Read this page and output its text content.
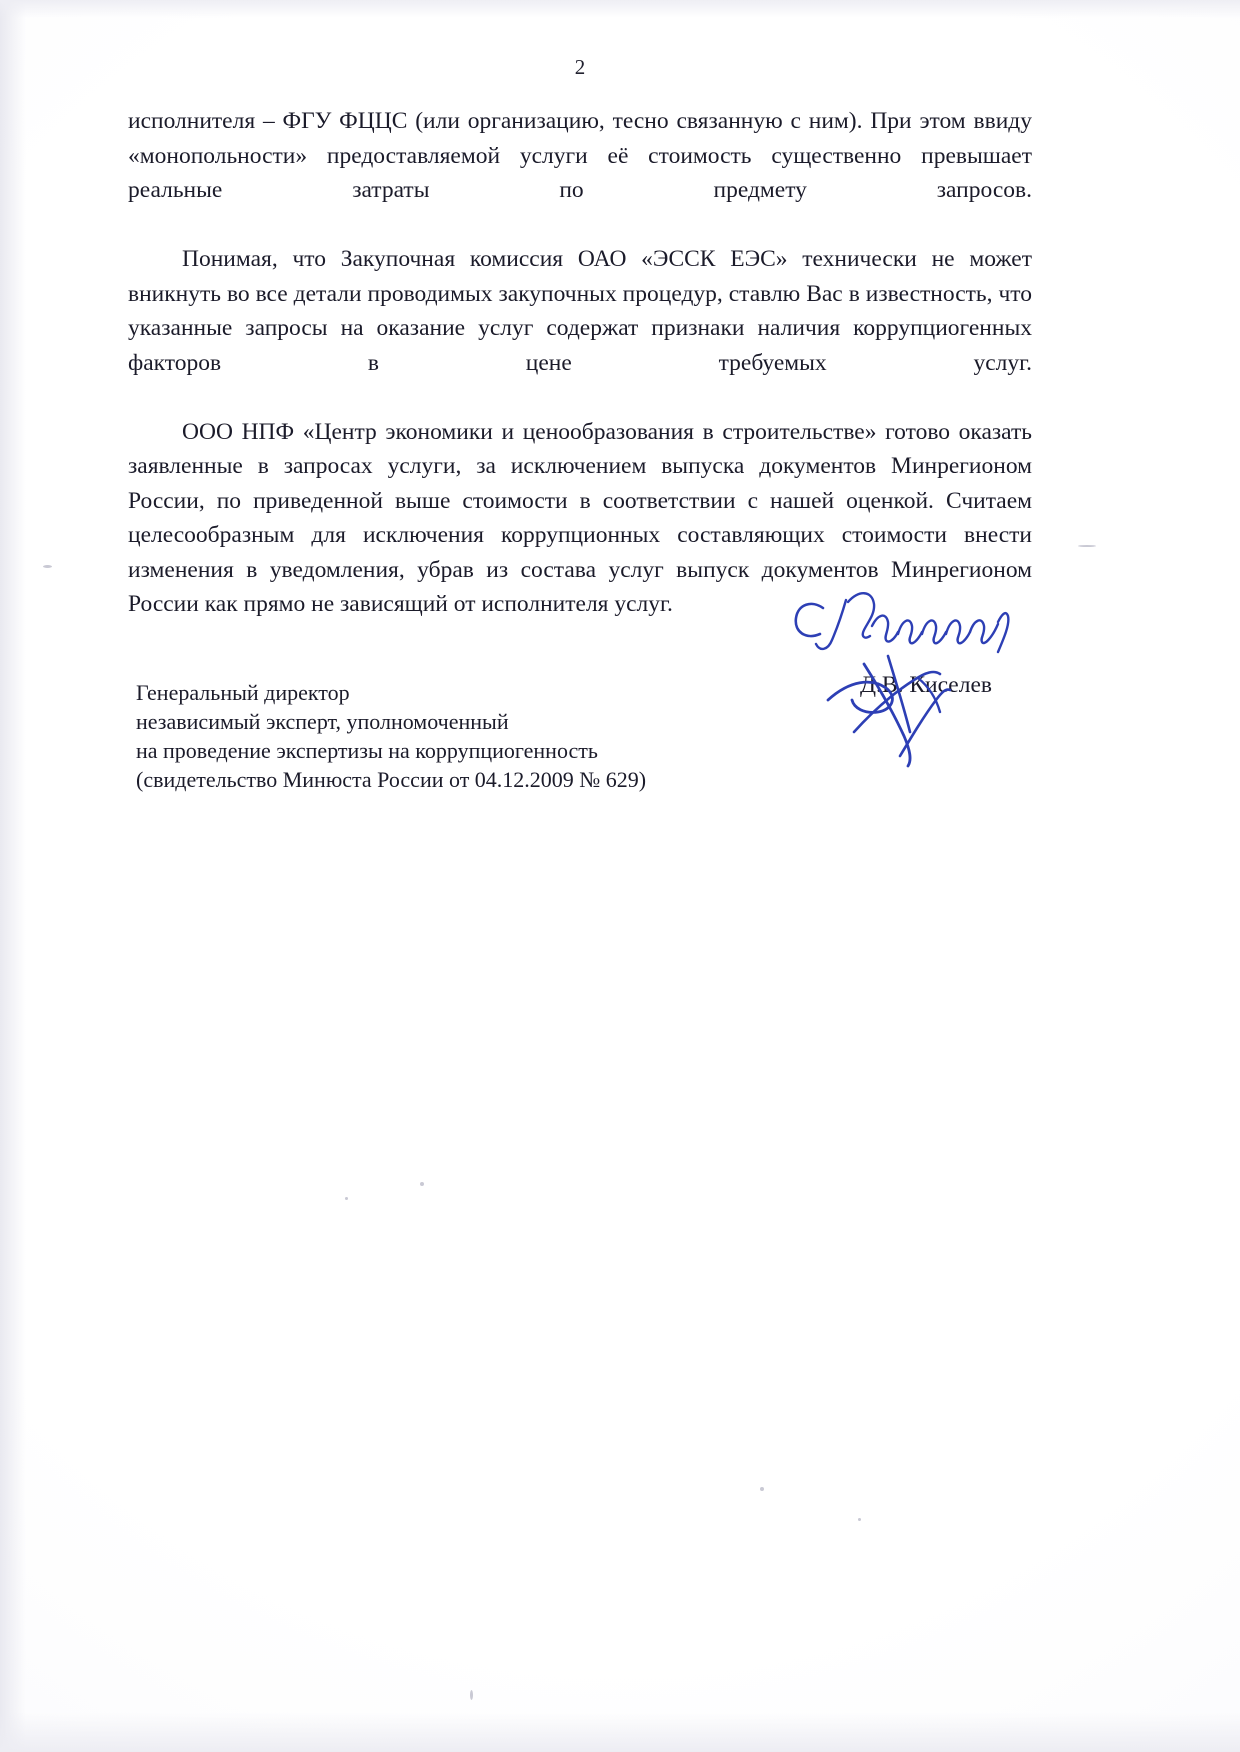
2

исполнителя – ФГУ ФЦЦС (или организацию, тесно связанную с ним). При этом ввиду «монопольности» предоставляемой услуги её стоимость существенно превышает реальные затраты по предмету запросов.

Понимая, что Закупочная комиссия ОАО «ЭССК ЕЭС» технически не может вникнуть во все детали проводимых закупочных процедур, ставлю Вас в известность, что указанные запросы на оказание услуг содержат признаки наличия коррупциогенных факторов в цене требуемых услуг.

ООО НПФ «Центр экономики и ценообразования в строительстве» готово оказать заявленные в запросах услуги, за исключением выпуска документов Минрегионом России, по приведенной выше стоимости в соответствии с нашей оценкой. Считаем целесообразным для исключения коррупционных составляющих стоимости внести изменения в уведомления, убрав из состава услуг выпуск документов Минрегионом России как прямо не зависящий от исполнителя услуг.

Генеральный директор
независимый эксперт, уполномоченный
на проведение экспертизы на коррупциогенность
(свидетельство Минюста России от 04.12.2009 № 629)
Д.В. Киселев
